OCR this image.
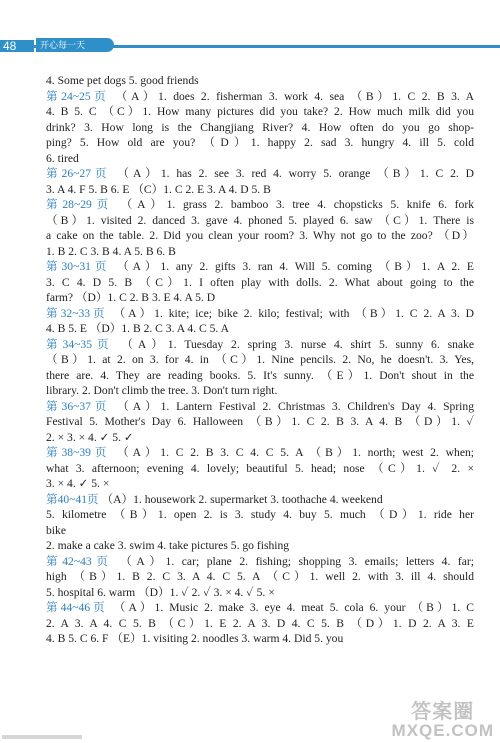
48	开心每一天
4. Some pet dogs 5. good friends
第24~25页 （A）1. does 2. fisherman 3. work 4. sea （B）1. C 2. B 3. A
4. B 5. C （C）1. How many pictures did you take? 2. How much milk did you
drink? 3. How long is the Changjiang River? 4. How often do you go shop-
ping? 5. How old are you? （D）1. happy 2. sad 3. hungry 4. ill 5. cold
6. tired
第26~27页 （A）1. has 2. see 3. red 4. worry 5. orange （B）1. C 2. D
3. A 4. F 5. B 6. E （C）1. C 2. E 3. A 4. D 5. B
第28~29页 （A）1. grass 2. bamboo 3. tree 4. chopsticks 5. knife 6. fork
（B）1. visited 2. danced 3. gave 4. phoned 5. played 6. saw （C）1. There is
a cake on the table. 2. Did you clean your room? 3. Why not go to the zoo? （D）
1. B 2. C 3. B 4. A 5. B 6. B
第30~31页 （A）1. any 2. gifts 3. ran 4. Will 5. coming （B）1. A 2. E
3. C 4. D 5. B （C）1. I often play with dolls. 2. What about going to the
farm? （D）1. C 2. B 3. E 4. A 5. D
第32~33页 （A）1. kite; ice; bike 2. kilo; festival; with （B）1. C 2. A 3. D
4. B 5. E （D）1. B 2. C 3. A 4. C 5. A
第34~35页 （A）1. Tuesday 2. spring 3. nurse 4. shirt 5. sunny 6. snake
（B）1. at 2. on 3. for 4. in （C）1. Nine pencils. 2. No, he doesn't. 3. Yes,
there are. 4. They are reading books. 5. It's sunny. （E）1. Don't shout in the
library. 2. Don't climb the tree. 3. Don't turn right.
第36~37页 （A）1. Lantern Festival 2. Christmas 3. Children's Day 4. Spring
Festival 5. Mother's Day 6. Halloween （B）1. C 2. B 3. A 4. B （D）1. ✓
2. × 3. × 4. ✓ 5. ✓
第38~39页 （A）1. C 2. B 3. C 4. C 5. A （B）1. north; west 2. when;
what 3. afternoon; evening 4. lovely; beautiful 5. head; nose （C）1. ✓ 2. ×
3. × 4. ✓ 5. ×
第40~41页 （A）1. housework 2. supermarket 3. toothache 4. weekend
5. kilometre （B）1. open 2. is 3. study 4. buy 5. much （D）1. ride her
bike
2. make a cake 3. swim 4. take pictures 5. go fishing
第42~43页 （A）1. car; plane 2. fishing; shopping 3. emails; letters 4. far;
high （B）1. B 2. C 3. A 4. C 5. A （C）1. well 2. with 3. ill 4. should
5. hospital 6. warm （D）1. ✓ 2. ✓ 3. × 4. ✓ 5. ×
第44~46页 （A）1. Music 2. make 3. eye 4. meat 5. cola 6. your （B）1. C
2. A 3. A 4. C 5. B （C）1. E 2. A 3. D 4. C 5. B （D）1. D 2. A 3. E
4. B 5. C 6. F （E）1. visiting 2. noodles 3. warm 4. Did 5. you
答案圈
MXQE.COM
